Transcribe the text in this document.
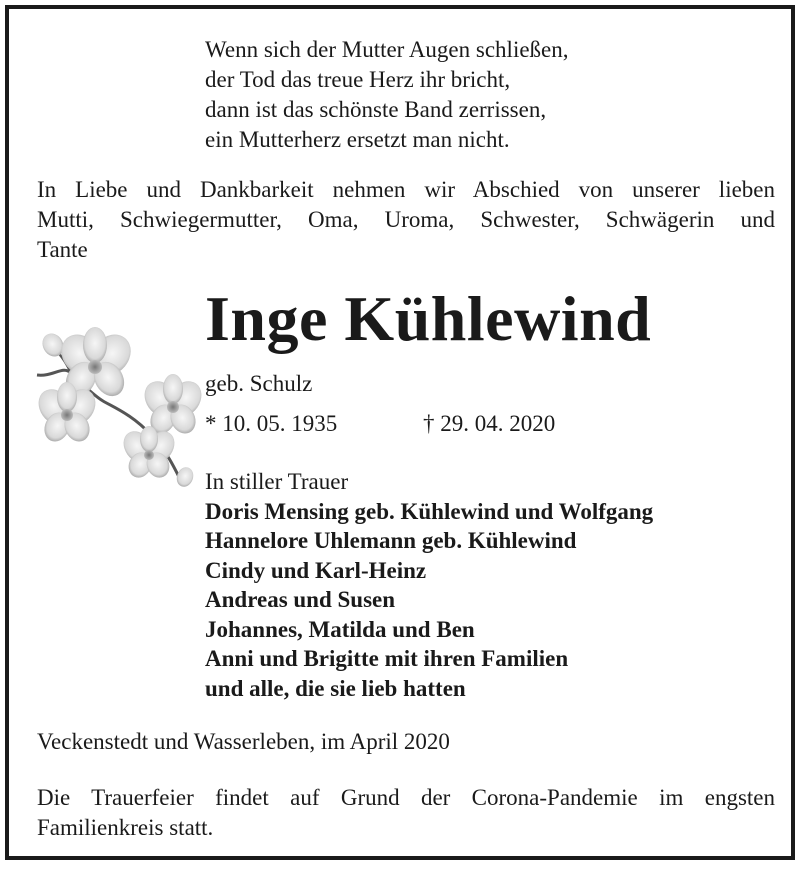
Wenn sich der Mutter Augen schließen,
der Tod das treue Herz ihr bricht,
dann ist das schönste Band zerrissen,
ein Mutterherz ersetzt man nicht.
In Liebe und Dankbarkeit nehmen wir Abschied von unserer lieben
Mutti, Schwiegermutter, Oma, Uroma, Schwester, Schwägerin und
Tante
Inge Kühlewind
geb. Schulz
* 10. 05. 1935	† 29. 04. 2020
In stiller Trauer
Doris Mensing geb. Kühlewind und Wolfgang
Hannelore Uhlemann geb. Kühlewind
Cindy und Karl-Heinz
Andreas und Susen
Johannes, Matilda und Ben
Anni und Brigitte mit ihren Familien
und alle, die sie lieb hatten
Veckenstedt und Wasserleben, im April 2020
Die Trauerfeier findet auf Grund der Corona-Pandemie im engsten
Familienkreis statt.
